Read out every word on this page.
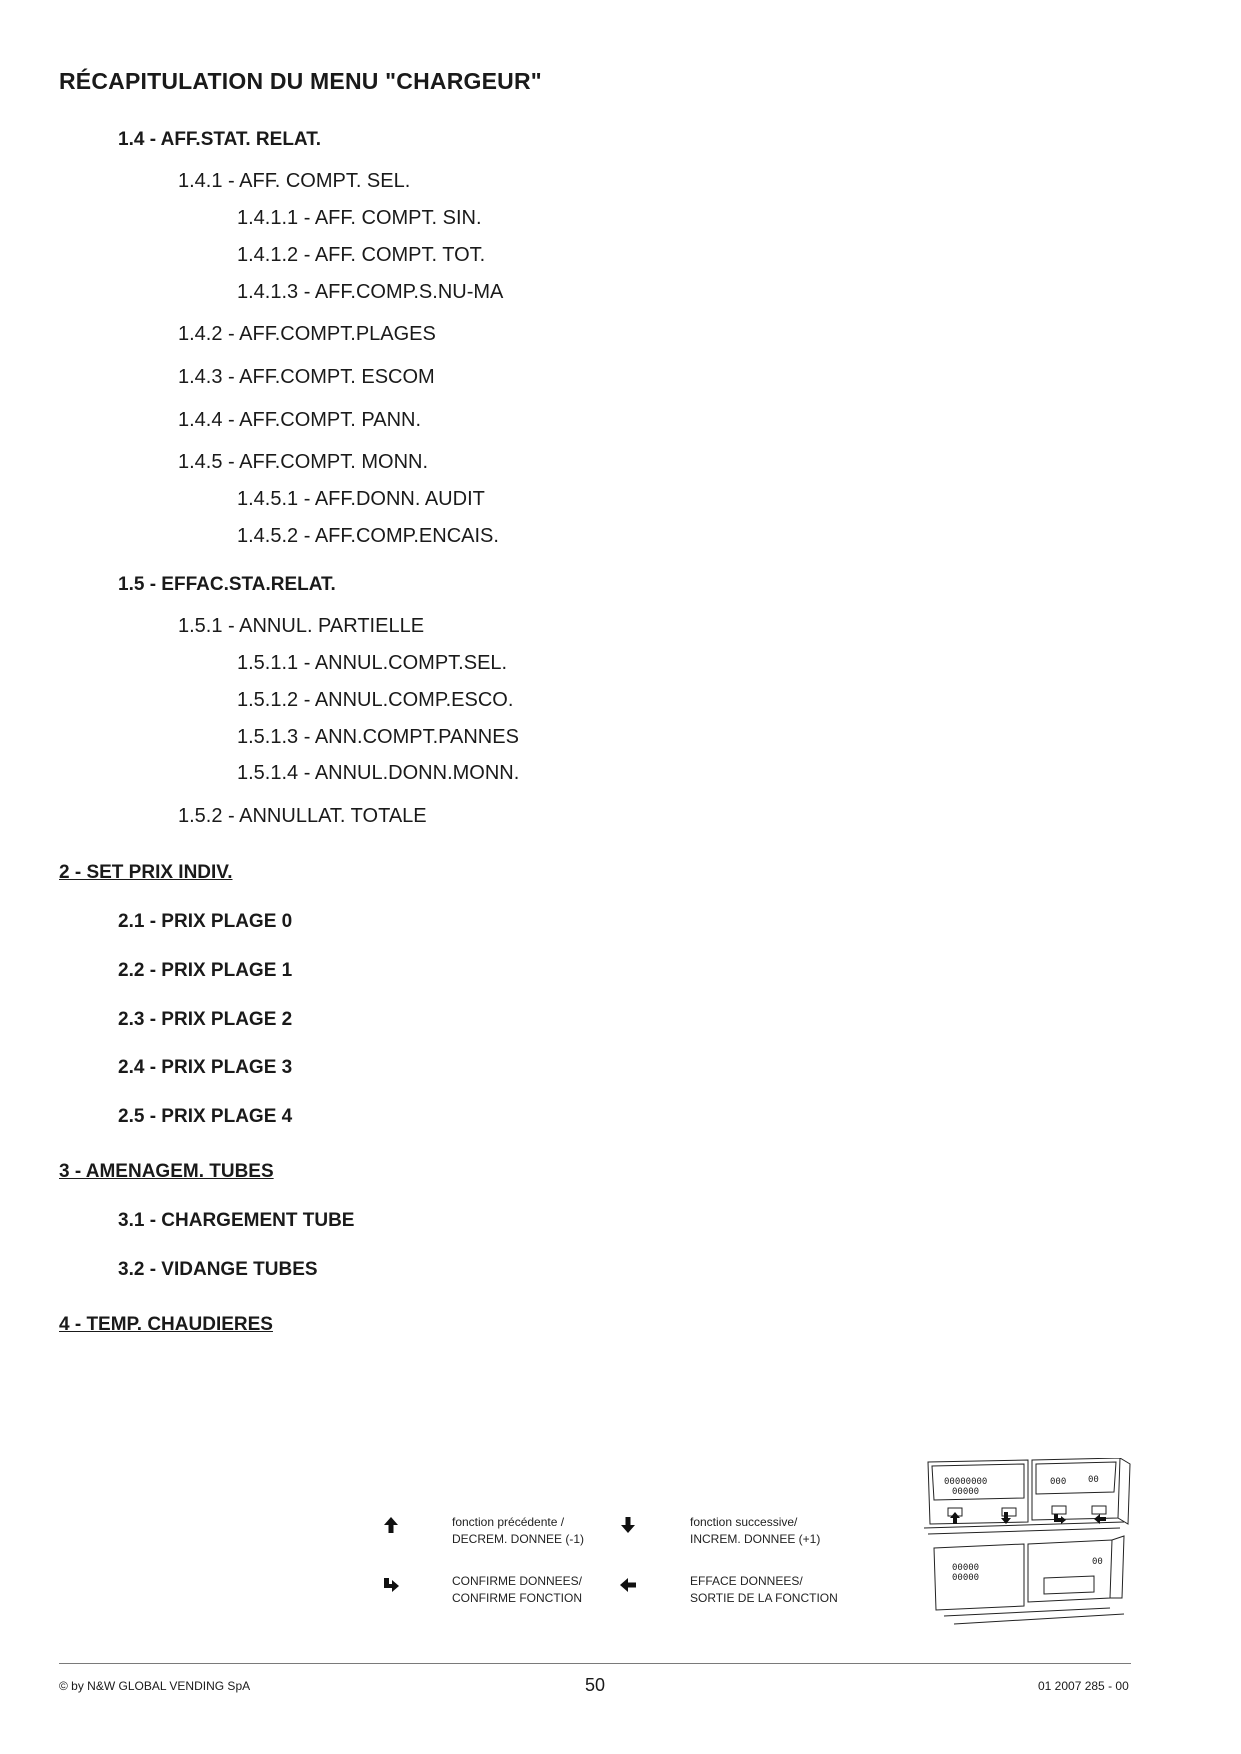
RÉCAPITULATION DU MENU "CHARGEUR"
1.4 - AFF.STAT. RELAT.
1.4.1 - AFF. COMPT. SEL.
1.4.1.1 - AFF. COMPT. SIN.
1.4.1.2 - AFF. COMPT. TOT.
1.4.1.3 - AFF.COMP.S.NU-MA
1.4.2 - AFF.COMPT.PLAGES
1.4.3 - AFF.COMPT. ESCOM
1.4.4 - AFF.COMPT. PANN.
1.4.5 - AFF.COMPT. MONN.
1.4.5.1 - AFF.DONN. AUDIT
1.4.5.2 - AFF.COMP.ENCAIS.
1.5 - EFFAC.STA.RELAT.
1.5.1 - ANNUL. PARTIELLE
1.5.1.1 - ANNUL.COMPT.SEL.
1.5.1.2 - ANNUL.COMP.ESCO.
1.5.1.3 - ANN.COMPT.PANNES
1.5.1.4 - ANNUL.DONN.MONN.
1.5.2 - ANNULLAT. TOTALE
2 - SET PRIX INDIV.
2.1 - PRIX PLAGE 0
2.2 - PRIX PLAGE 1
2.3 - PRIX PLAGE 2
2.4 - PRIX PLAGE 3
2.5 - PRIX PLAGE 4
3 - AMENAGEM. TUBES
3.1 - CHARGEMENT TUBE
3.2 - VIDANGE TUBES
4 - TEMP. CHAUDIERES
fonction précédente /
DECREM. DONNEE (-1)
fonction successive/
INCREM. DONNEE (+1)
CONFIRME DONNEES/
CONFIRME FONCTION
EFFACE DONNEES/
SORTIE DE LA FONCTION
00000000
00000
000 00
00000
00000
00
© by N&W GLOBAL VENDING SpA	50	01 2007 285 - 00
